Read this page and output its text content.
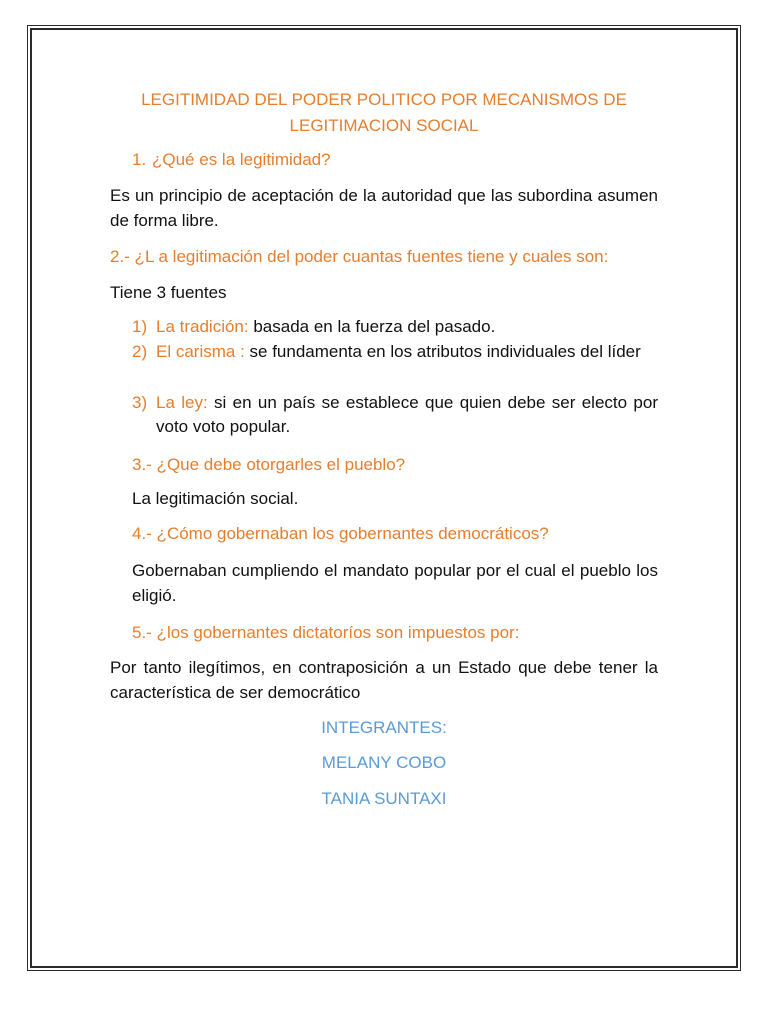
LEGITIMIDAD DEL PODER POLITICO POR MECANISMOS DE LEGITIMACION SOCIAL
1. ¿Qué es la legitimidad?
Es un principio de aceptación de la autoridad que las subordina asumen de forma libre.
2.- ¿L a legitimación del poder cuantas fuentes tiene y cuales son:
Tiene 3 fuentes
1) La tradición: basada en la fuerza del pasado.
2) El carisma : se fundamenta en los atributos individuales del líder
3) La ley: si en un país se establece que quien debe ser electo por voto voto popular.
3.- ¿Que debe otorgarles el pueblo?
La legitimación social.
4.- ¿Cómo gobernaban los gobernantes democráticos?
Gobernaban cumpliendo el mandato popular por el cual el pueblo los eligió.
5.- ¿los gobernantes dictatoríos son impuestos por:
Por tanto ilegítimos, en contraposición a un Estado que debe tener la característica de ser democrático
INTEGRANTES:
MELANY COBO
TANIA SUNTAXI
